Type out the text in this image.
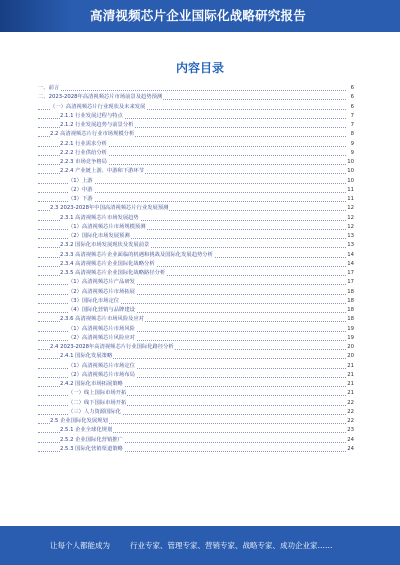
高清视频芯片企业国际化战略研究报告
内容目录
一、前言	6
二、2023-2028年高清视频芯片市场前景及趋势预测	6
（一）高清视频芯片行业现状及未来发展	6
2.1.1 行业发展过程与特点	7
2.1.2 行业发展趋势与前景分析	7
2.2 高清视频芯片行业市场规模分析	8
2.2.1 行业需求分析	9
2.2.2 行业供给分析	9
2.2.3 市场竞争格局	10
2.2.4 产业链上游、中游和下游环节	10
（1）上游	10
（2）中游	11
（3）下游	11
2.3 2023-2028年中国高清视频芯片行业发展预测	12
2.3.1 高清视频芯片市场发展趋势	12
（1）高清视频芯片市场规模预测	12
（2）国际化市场发展预测	13
2.3.2 国际化市场发展现状及发展前景	13
2.3.3 高清视频芯片企业面临的机遇和挑战及国际化发展趋势分析	14
2.3.4 高清视频芯片企业国际化战略分析	14
2.3.5 高清视频芯片企业国际化战略路径分析	17
（1）高清视频芯片产品研发	17
（2）高清视频芯片市场拓展	18
（3）国际化市场定位	18
（4）国际化营销与品牌建设	18
2.3.6 高清视频芯片市场风险及应对	18
（1）高清视频芯片市场风险	19
（2）高清视频芯片风险应对	19
2.4 2023-2028年高清视频芯片行业国际化路径分析	20
2.4.1 国际化发展策略	20
（1）高清视频芯片市场定位	21
（2）高清视频芯片市场布局	21
2.4.2 国际化市场拓展策略	21
（一）线上国际市场开拓	21
（二）线下国际市场开拓	22
（三）人力资源国际化	22
2.5 企业国际化发展规划	22
2.5.1 企业全球化规划	23
2.5.2 企业国际化营销推广	24
2.5.3 国际化营销渠道策略	24
让每个人都能成为	行业专家、管理专家、营销专家、战略专家、成功企业家……
